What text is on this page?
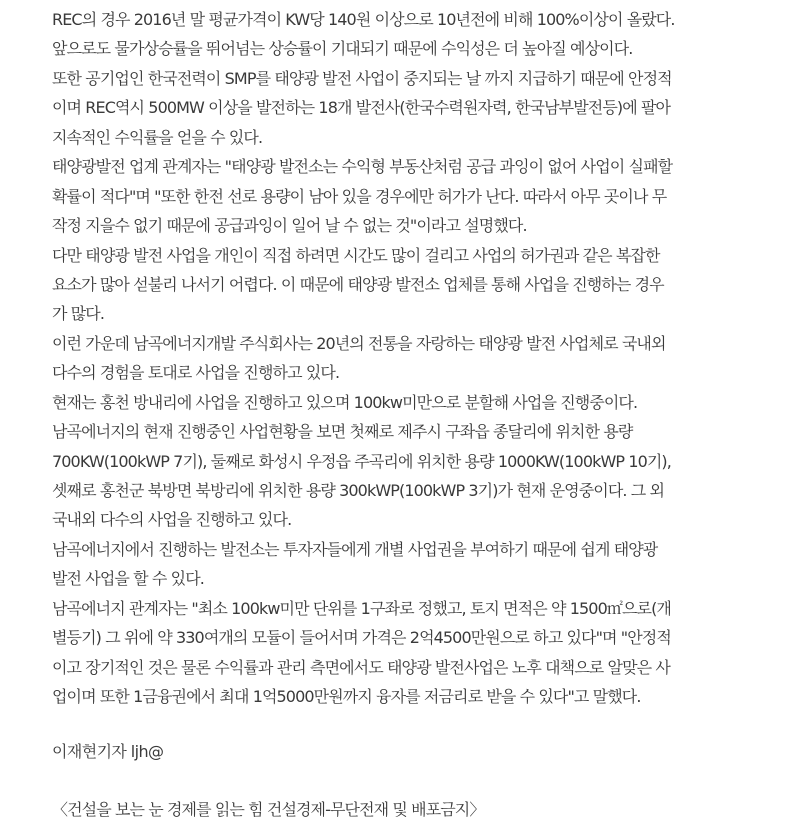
REC의 경우 2016년 말 평균가격이 KW당 140원 이상으로 10년전에 비해 100%이상이 올랐다.
앞으로도 물가상승률을 뛰어넘는 상승률이 기대되기 때문에 수익성은 더 높아질 예상이다.
또한 공기업인 한국전력이 SMP를 태양광 발전 사업이 중지되는 날 까지 지급하기 때문에 안정적
이며 REC역시 500MW 이상을 발전하는 18개 발전사(한국수력원자력, 한국남부발전등)에 팔아
지속적인 수익률을 얻을 수 있다.
태양광발전 업계 관계자는 "태양광 발전소는 수익형 부동산처럼 공급 과잉이 없어 사업이 실패할
확률이 적다"며 "또한 한전 선로 용량이 남아 있을 경우에만 허가가 난다. 따라서 아무 곳이나 무
작정 지을수 없기 때문에 공급과잉이 일어 날 수 없는 것"이라고 설명했다.
다만 태양광 발전 사업을 개인이 직접 하려면 시간도 많이 걸리고 사업의 허가권과 같은 복잡한
요소가 많아 섣불리 나서기 어렵다. 이 때문에 태양광 발전소 업체를 통해 사업을 진행하는 경우
가 많다.
이런 가운데 남곡에너지개발 주식회사는 20년의 전통을 자랑하는 태양광 발전 사업체로 국내외
다수의 경험을 토대로 사업을 진행하고 있다.
현재는 홍천 방내리에 사업을 진행하고 있으며 100kw미만으로 분할해 사업을 진행중이다.
남곡에너지의 현재 진행중인 사업현황을 보면 첫째로 제주시 구좌읍 종달리에 위치한 용량
700KW(100kWP 7기), 둘째로 화성시 우정읍 주곡리에 위치한 용량 1000KW(100kWP 10기),
셋째로 홍천군 북방면 북방리에 위치한 용량 300kWP(100kWP 3기)가 현재 운영중이다. 그 외
국내외 다수의 사업을 진행하고 있다.
남곡에너지에서 진행하는 발전소는 투자자들에게 개별 사업권을 부여하기 때문에 쉽게 태양광
발전 사업을 할 수 있다.
남곡에너지 관계자는 "최소 100kw미만 단위를 1구좌로 정했고, 토지 면적은 약 1500㎡으로(개
별등기) 그 위에 약 330여개의 모듈이 들어서며 가격은 2억4500만원으로 하고 있다"며 "안정적
이고 장기적인 것은 물론 수익률과 관리 측면에서도 태양광 발전사업은 노후 대책으로 알맞은 사
업이며 또한 1금융권에서 최대 1억5000만원까지 융자를 저금리로 받을 수 있다"고 말했다.
이재현기자 ljh@
〈건설을 보는 눈 경제를 읽는 힘 건설경제-무단전재 및 배포금지〉
